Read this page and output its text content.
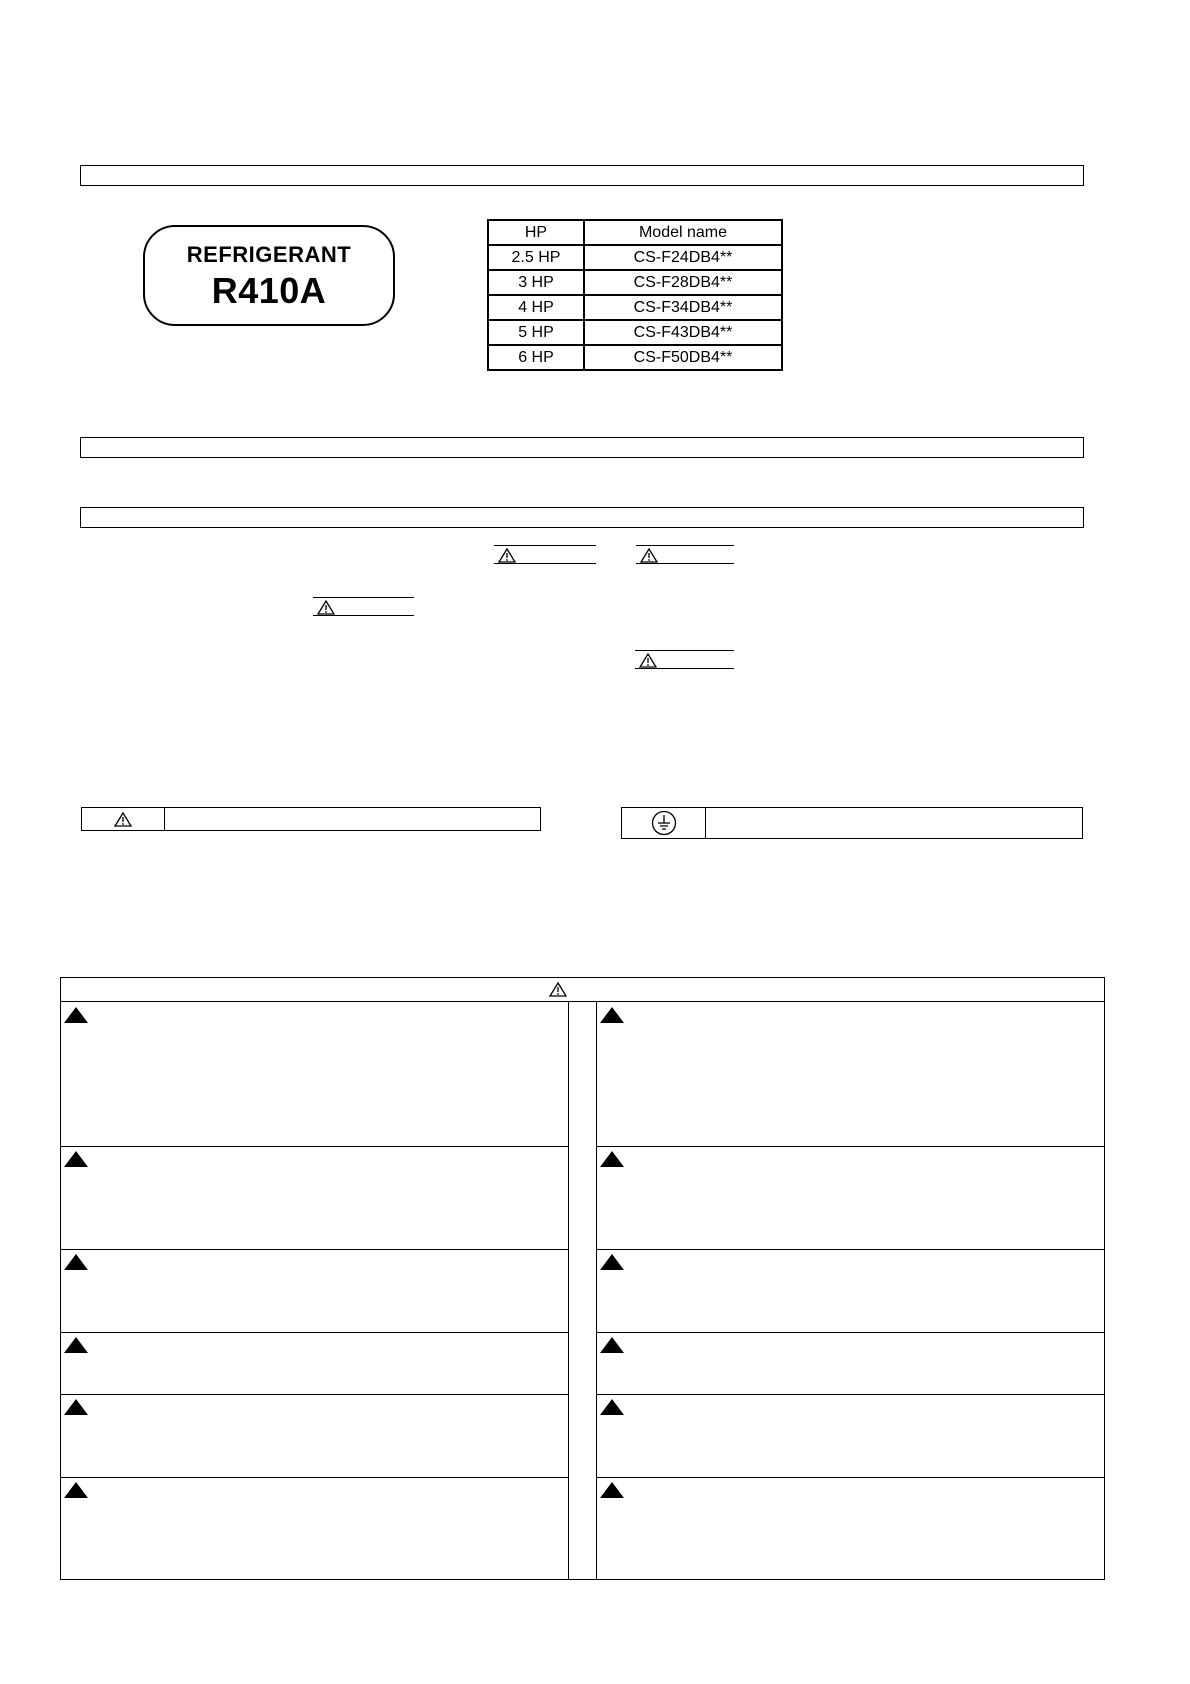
REFRIGERANT
R410A
HP	Model name
2.5 HP	CS-F24DB4**
3 HP	CS-F28DB4**
4 HP	CS-F34DB4**
5 HP	CS-F43DB4**
6 HP	CS-F50DB4**
